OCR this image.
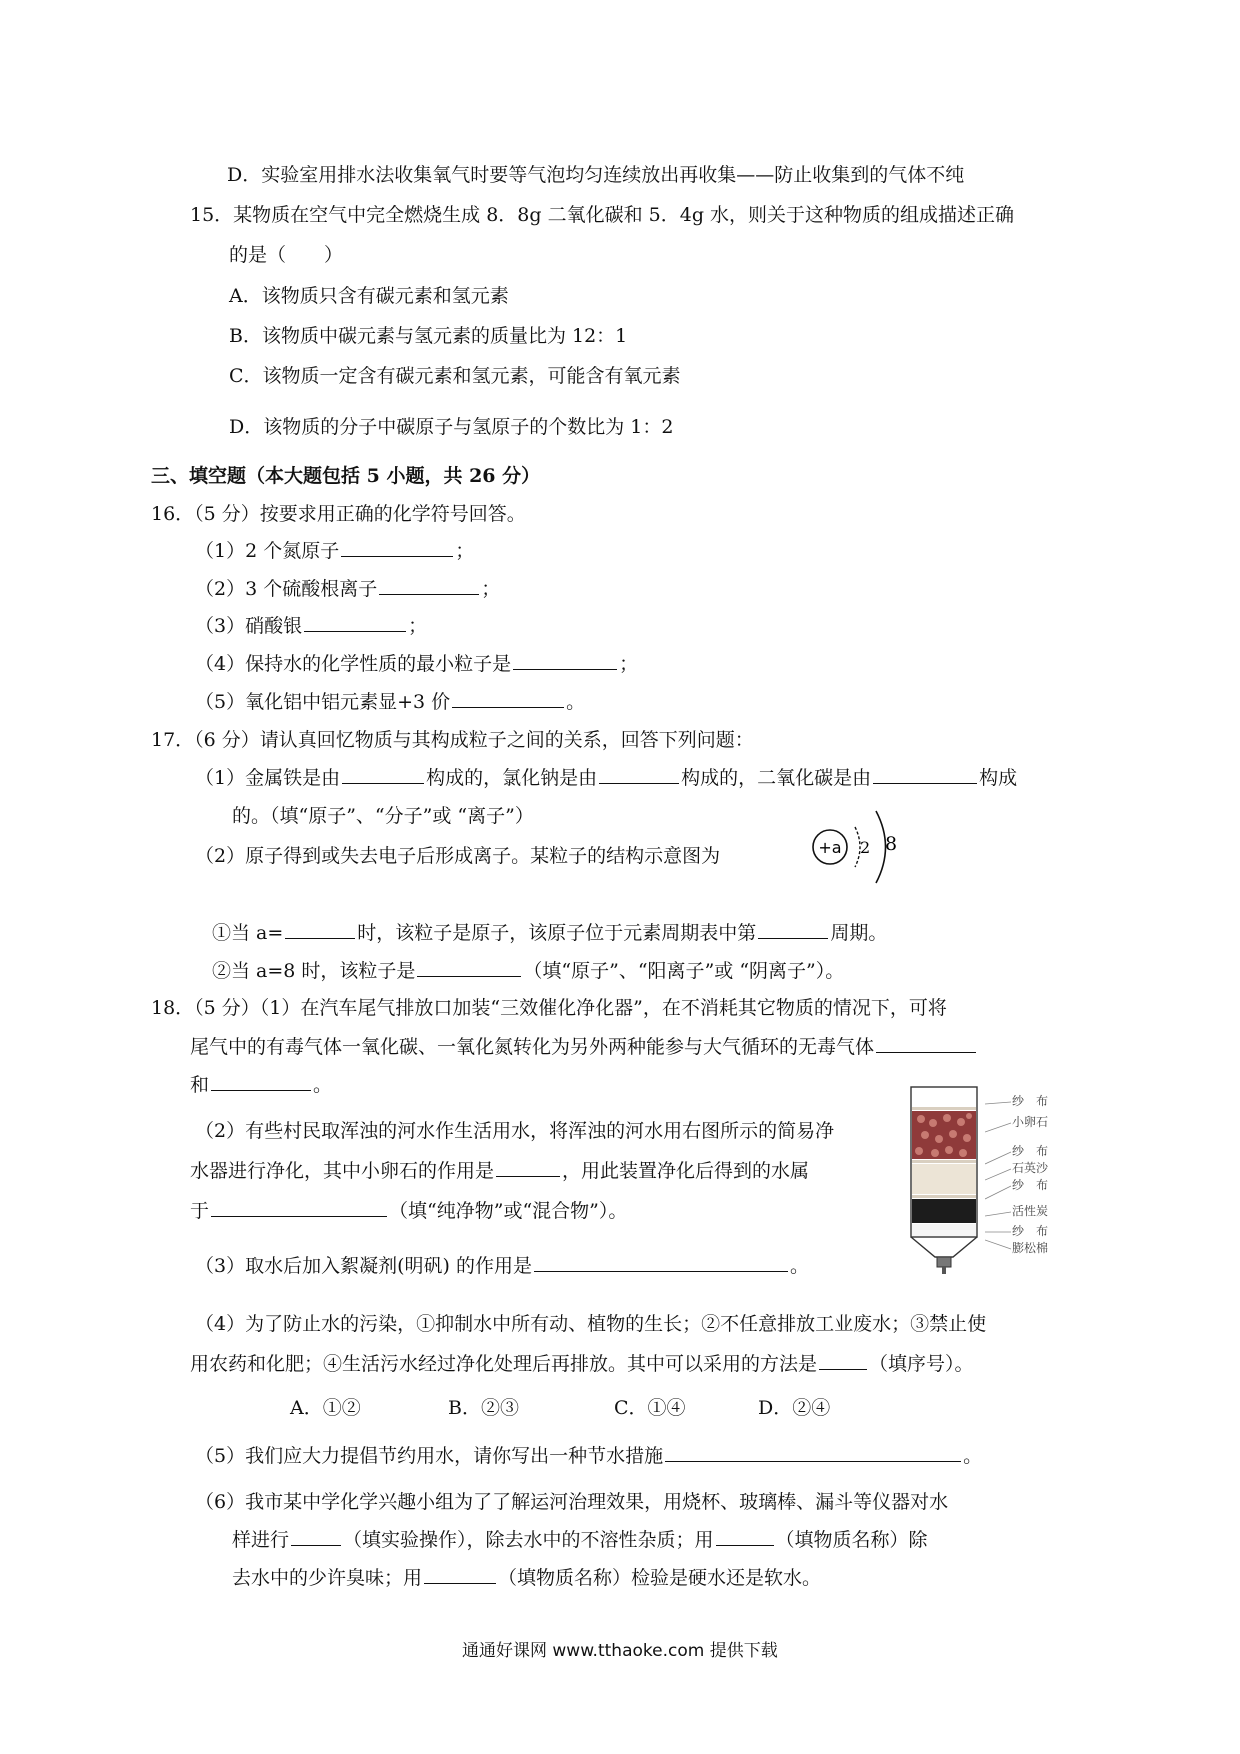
D．实验室用排水法收集氧气时要等气泡均匀连续放出再收集——防止收集到的气体不纯
15．某物质在空气中完全燃烧生成 8．8g 二氧化碳和 5．4g 水，则关于这种物质的组成描述正确
的是（　　）
A．该物质只含有碳元素和氢元素
B．该物质中碳元素与氢元素的质量比为 12：1
C．该物质一定含有碳元素和氢元素，可能含有氧元素
D．该物质的分子中碳原子与氢原子的个数比为 1：2
三、填空题（本大题包括 5 小题，共 26 分）
16．（5 分）按要求用正确的化学符号回答。
（1）2 个氮原子	；
（2）3 个硫酸根离子	；
（3）硝酸银	；
（4）保持水的化学性质的最小粒子是	；
（5）氧化铝中铝元素显+3 价	。
17．（6 分）请认真回忆物质与其构成粒子之间的关系，回答下列问题：
（1）金属铁是由	构成的，氯化钠是由	构成的，二氧化碳是由	构成
的。（填“原子”、“分子”或 “离子”）
（2）原子得到或失去电子后形成离子。某粒子的结构示意图为	+a 2 8
①当 a=	时，该粒子是原子，该原子位于元素周期表中第	周期。
②当 a=8 时，该粒子是	（填“原子”、“阳离子”或 “阴离子”）。
18．（5 分）（1）在汽车尾气排放口加装“三效催化净化器”，在不消耗其它物质的情况下，可将
尾气中的有毒气体一氧化碳、一氧化氮转化为另外两种能参与大气循环的无毒气体
和	。
（2）有些村民取浑浊的河水作生活用水，将浑浊的河水用右图所示的简易净
水器进行净化，其中小卵石的作用是	，用此装置净化后得到的水属
于	（填“纯净物”或“混合物”）。
纱　布
小卵石
纱　布
石英沙
纱　布
活性炭
纱　布
膨松棉
（3）取水后加入絮凝剂(明矾) 的作用是	。
（4）为了防止水的污染，①抑制水中所有动、植物的生长；②不任意排放工业废水；③禁止使
用农药和化肥；④生活污水经过净化处理后再排放。其中可以采用的方法是	（填序号）。
A．①②	B．②③	C．①④	D．②④
（5）我们应大力提倡节约用水，请你写出一种节水措施	。
（6）我市某中学化学兴趣小组为了了解运河治理效果，用烧杯、玻璃棒、漏斗等仪器对水
样进行	（填实验操作），除去水中的不溶性杂质；用	（填物质名称）除
去水中的少许臭味；用	（填物质名称）检验是硬水还是软水。
通通好课网 www.tthaoke.com 提供下载
